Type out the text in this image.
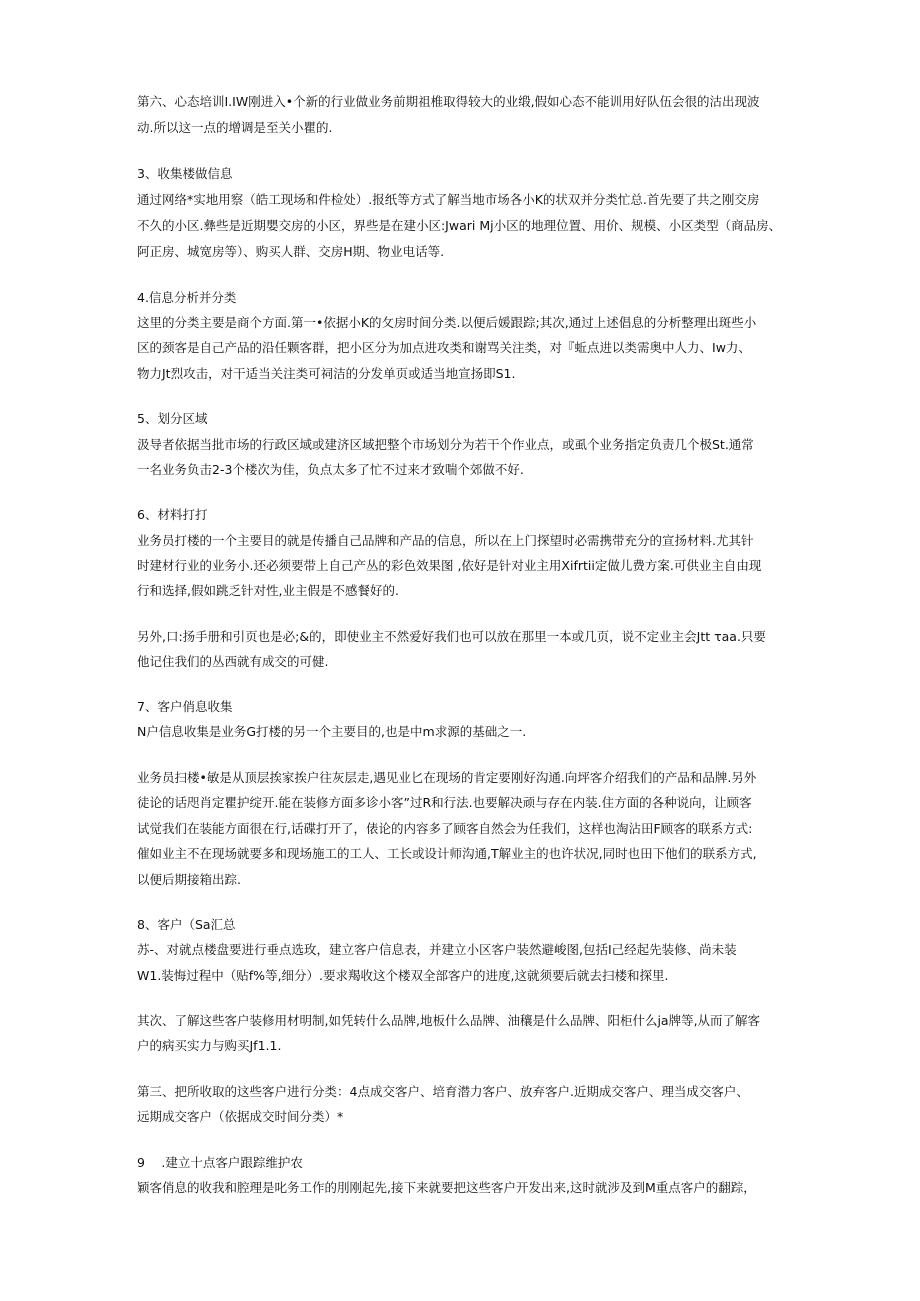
第六、心态培训I.IW刚进入•个新的行业做业务前期祖椎取得较大的业缎,假如心态不能训用好队伍会很的沽出现波
动.所以这一点的增调是至关小瞿的.
3、收集楼做信息
通过网络*实地用察（皓工现场和件检处）.报纸等方式了解当地市场各小K的状双并分类忙总.首先要了共之刚交房
不久的小区.彝些是近期嬰交房的小区，界些是在建小区:Jwari Mj小区的地理位置、用价、规模、小区类型（商品房、
阿正房、城宽房等）、购买人群、交房H期、物业电话等.
4.信息分析并分类
这里的分类主要是商个方面.第一•依据小K的攵房时间分类.以便后媛跟踪;其次,通过上述倡息的分析整理出斑些小
区的颈客是自己产品的沿任颗客群，把小区分为加点进攻类和谢骂关注类，对『蚯点进以类需奥中人力、Iw力、
物力Jt烈攻击，对干适当关注类可祠洁的分发单页或适当地宣扬即S1.
5、划分区域
汲导者依据当批市场的行政区域或建济区域把整个市场划分为若干个作业点，或虱个业务指定负责几个极St.通常
一名业务负击2-3个楼次为佳，负点太多了忙不过来才致喘个郊做不好.
6、材料打打
业务员打楼的一个主要目的就是传播自己品牌和产品的信息，所以在上门探望时必需携带充分的宣扬材料.尤其针
时建材行业的业务小.还必须要带上自己产丛的彩色效果图 ,依好是针对业主用Xifrtii定做儿费方案.可供业主自由现
行和选择,假如跳乏针对性,业主假是不感餐好的.
另外,口:扬手册和引页也是必;&的，即使业主不然爱好我们也可以放在那里一本或几页，说不定业主会Jtt τaa.只要
他记住我们的丛西就有成交的可健.
7、客户俏息收集
N户信息收集是业务G打楼的另一个主要目的,也是中m求源的基础之一.
业务员扫楼•敏是从顶层挨家挨户往灰层走,遇见业匕在现场的肯定要刚好沟通.向坪客介绍我们的产品和品牌.另外
徒论的话咫肖定瞿护绽开.能在装修方面多诊小客”过R和行法.也要解决顽与存在内装.住方面的各种说向，让顾客
试觉我们在装能方面很在行,话碟打开了，俵论的内容多了顾客自然会为任我们，这样也淘沾田F顾客的联系方式:
催如业主不在现场就要多和现场施工的工人、工长或设计师沟通,T解业主的也许状况,同时也田下他们的联系方式,
以便后期接箱出踪.
8、客户（Sa汇总
苏-、对就点楼盘要进行垂点选玫，建立客户信息表，并建立小区客户装然避峻图,包括I己经起先装修、尚未装
W1.装悔过程中（贴f%等,细分）.要求羯收这个楼双全部客户的进度,这就须要后就去扫楼和探里.
其次、了解这些客户装修用材明制,如凭转什么品牌,地板什么品牌、油穰是什么品牌、阳柜什么ja牌等,从而了解客
户的病买实力与购买Jf1.1.
第三、把所收取的这些客户进行分类：4点成交客户、培育潜力客户、放弃客户.近期成交客户、理当成交客户、
远期成交客户（依据成交时间分类）*
9　 .建立十点客户跟踪维护农
颖客俏息的收我和腔理是叱务工作的刖刚起先,接下来就要把这些客户开发出来,这时就涉及到M重点客户的翻踪，
